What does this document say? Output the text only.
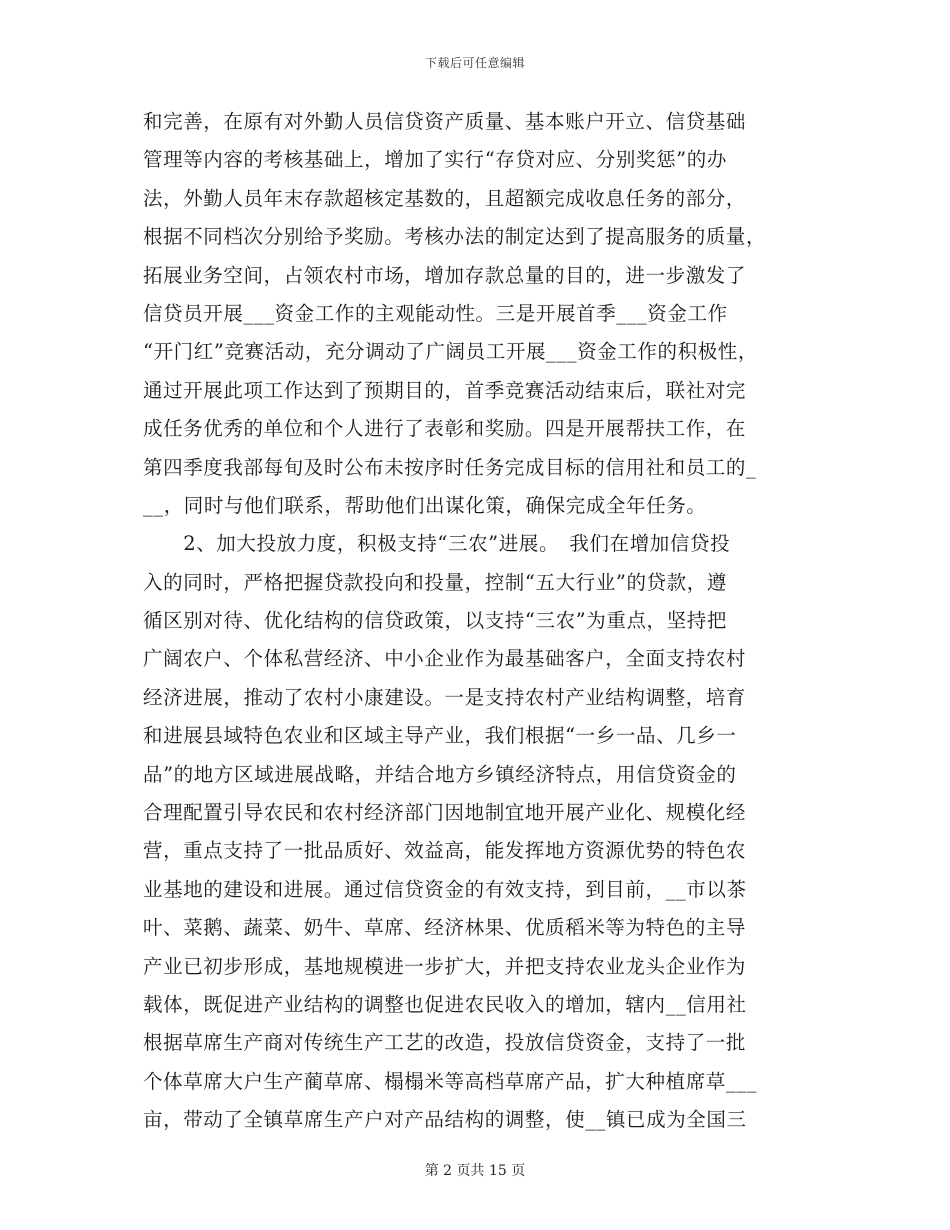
下载后可任意编辑
和完善，在原有对外勤人员信贷资产质量、基本账户开立、信贷基础
管理等内容的考核基础上，增加了实行“存贷对应、分别奖惩”的办
法，外勤人员年末存款超核定基数的，且超额完成收息任务的部分，
根据不同档次分别给予奖励。考核办法的制定达到了提高服务的质量，
拓展业务空间，占领农村市场，增加存款总量的目的，进一步激发了
信贷员开展___资金工作的主观能动性。三是开展首季___资金工作
“开门红”竞赛活动，充分调动了广阔员工开展___资金工作的积极性，
通过开展此项工作达到了预期目的，首季竞赛活动结束后，联社对完
成任务优秀的单位和个人进行了表彰和奖励。四是开展帮扶工作，在
第四季度我部每旬及时公布未按序时任务完成目标的信用社和员工的_
__，同时与他们联系，帮助他们出谋化策，确保完成全年任务。
　　2、加大投放力度，积极支持“三农”进展。　我们在增加信贷投
入的同时，严格把握贷款投向和投量，控制“五大行业”的贷款，遵
循区别对待、优化结构的信贷政策，以支持“三农”为重点，坚持把
广阔农户、个体私营经济、中小企业作为最基础客户，全面支持农村
经济进展，推动了农村小康建设。一是支持农村产业结构调整，培育
和进展县域特色农业和区域主导产业，我们根据“一乡一品、几乡一
品”的地方区域进展战略，并结合地方乡镇经济特点，用信贷资金的
合理配置引导农民和农村经济部门因地制宜地开展产业化、规模化经
营，重点支持了一批品质好、效益高，能发挥地方资源优势的特色农
业基地的建设和进展。通过信贷资金的有效支持，到目前，__市以茶
叶、菜鹅、蔬菜、奶牛、草席、经济林果、优质稻米等为特色的主导
产业已初步形成，基地规模进一步扩大，并把支持农业龙头企业作为
载体，既促进产业结构的调整也促进农民收入的增加，辖内__信用社
根据草席生产商对传统生产工艺的改造，投放信贷资金，支持了一批
个体草席大户生产蔺草席、榻榻米等高档草席产品，扩大种植席草___
亩，带动了全镇草席生产户对产品结构的调整，使__镇已成为全国三
第 2 页共 15 页
